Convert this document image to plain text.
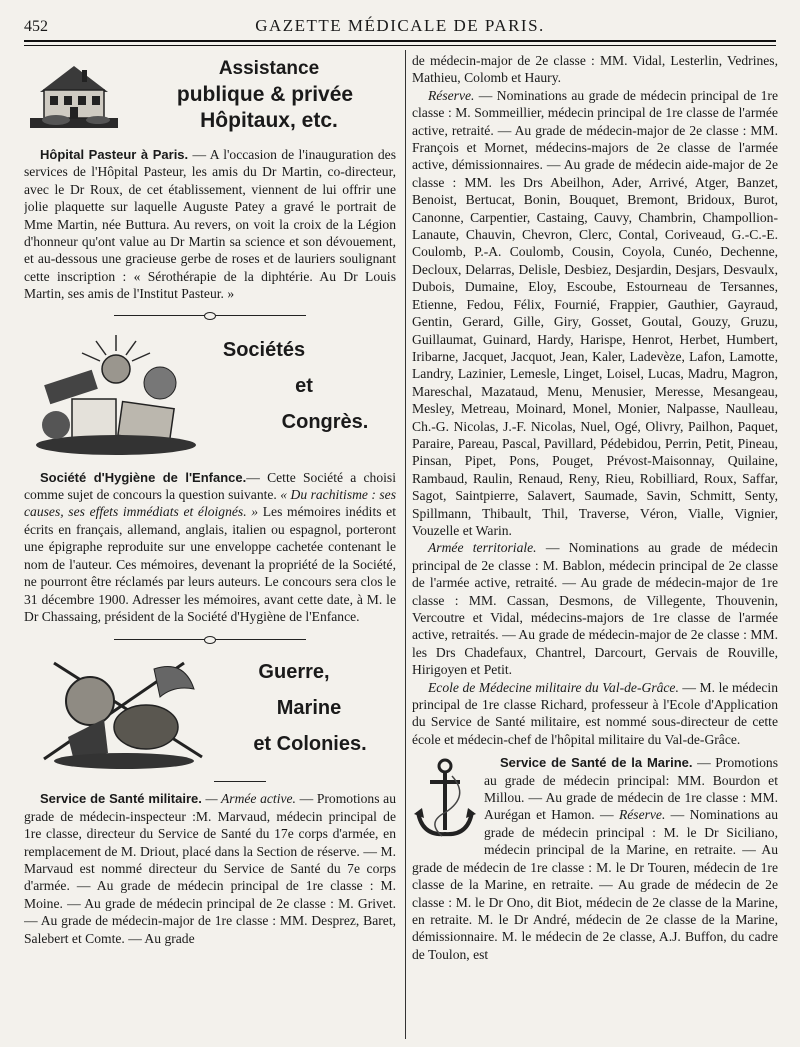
452	GAZETTE MÉDICALE DE PARIS.
Assistance
publique & privée
Hôpitaux, etc.

Hôpital Pasteur à Paris. — A l'occasion de l'inauguration des services de l'Hôpital Pasteur, les amis du Dr Martin, co-directeur, avec le Dr Roux, de cet établissement, viennent de lui offrir une jolie plaquette sur laquelle Auguste Patey a gravé le portrait de Mme Martin, née Buttura. Au revers, on voit la croix de la Légion d'honneur qu'ont value au Dr Martin sa science et son dévouement, et au-dessous une gracieuse gerbe de roses et de lauriers soulignant cette inscription : « Sérothérapie de la diphtérie. Au Dr Louis Martin, ses amis de l'Institut Pasteur. »

Sociétés
et
Congrès.

Société d'Hygiène de l'Enfance.— Cette Société a choisi comme sujet de concours la question suivante. « Du rachitisme : ses causes, ses effets immédiats et éloignés. » Les mémoires inédits et écrits en français, allemand, anglais, italien ou espagnol, porteront une épigraphe reproduite sur une enveloppe cachetée contenant le nom de l'auteur. Ces mémoires, devenant la propriété de la Société, ne pourront être réclamés par leurs auteurs. Le concours sera clos le 31 décembre 1900. Adresser les mémoires, avant cette date, à M. le Dr Chassaing, président de la Société d'Hygiène de l'Enfance.

Guerre,
Marine
et Colonies.

Service de Santé militaire. — Armée active. — Promotions au grade de médecin-inspecteur :M. Marvaud, médecin principal de 1re classe, directeur du Service de Santé du 17e corps d'armée, en remplacement de M. Driout, placé dans la Section de réserve. — M. Marvaud est nommé directeur du Service de Santé du 7e corps d'armée. — Au grade de médecin principal de 1re classe : M. Moine. — Au grade de médecin principal de 2e classe : M. Grivet. — Au grade de médecin-major de 1re classe : MM. Desprez, Baret, Salebert et Comte. — Au grade

de médecin-major de 2e classe : MM. Vidal, Lesterlin, Vedrines, Mathieu, Colomb et Haury.

Réserve. — Nominations au grade de médecin principal de 1re classe : M. Sommeillier, médecin principal de 1re classe de l'armée active, retraité. — Au grade de médecin-major de 2e classe : MM. François et Mornet, médecins-majors de 2e classe de l'armée active, démissionnaires. — Au grade de médecin aide-major de 2e classe : MM. les Drs Abeilhon, Ader, Arrivé, Atger, Banzet, Benoist, Bertucat, Bonin, Bouquet, Bremont, Bridoux, Burot, Canonne, Carpentier, Castaing, Cauvy, Chambrin, Champollion-Lanaute, Chauvin, Chevron, Clerc, Contal, Coriveaud, G.-C.-E. Coulomb, P.-A. Coulomb, Cousin, Coyola, Cunéo, Dechenne, Decloux, Delarras, Delisle, Desbiez, Desjardin, Desjars, Desvaulx, Dubois, Dumaine, Eloy, Escoube, Estourneau de Tersannes, Etienne, Fedou, Félix, Fournié, Frappier, Gauthier, Gayraud, Gentin, Gerard, Gille, Giry, Gosset, Goutal, Gouzy, Gruzu, Guillaumat, Guinard, Hardy, Harispe, Henrot, Herbet, Humbert, Iribarne, Jacquet, Jacquot, Jean, Kaler, Ladevèze, Lafon, Lamotte, Landry, Lazinier, Lemesle, Linget, Loisel, Lucas, Madru, Magron, Mareschal, Mazataud, Menu, Menusier, Meresse, Mesangeau, Mesley, Metreau, Moinard, Monel, Monier, Nalpasse, Naulleau, Ch.-G. Nicolas, J.-F. Nicolas, Nuel, Ogé, Olivry, Pailhon, Paquet, Paraire, Pareau, Pascal, Pavillard, Pédebidou, Perrin, Petit, Pineau, Pinsan, Pipet, Pons, Pouget, Prévost-Maisonnay, Quilaine, Rambaud, Raulin, Renaud, Reny, Rieu, Robilliard, Roux, Saffar, Sagot, Saintpierre, Salavert, Saumade, Savin, Schmitt, Senty, Spillmann, Thibault, Thil, Traverse, Véron, Vialle, Vignier, Vouzelle et Warin.

Armée territoriale. — Nominations au grade de médecin principal de 2e classe : M. Bablon, médecin principal de 2e classe de l'armée active, retraité. — Au grade de médecin-major de 1re classe : MM. Cassan, Desmons, de Villegente, Thouvenin, Vercoutre et Vidal, médecins-majors de 1re classe de l'armée active, retraités. — Au grade de médecin-major de 2e classe : MM. les Drs Chadefaux, Chantrel, Darcourt, Gervais de Rouville, Hirigoyen et Petit.

Ecole de Médecine militaire du Val-de-Grâce. — M. le médecin principal de 1re classe Richard, professeur à l'Ecole d'Application du Service de Santé militaire, est nommé sous-directeur de cette école et médecin-chef de l'hôpital militaire du Val-de-Grâce.

Service de Santé de la Marine. — Promotions au grade de médecin principal: MM. Bourdon et Millou. — Au grade de médecin de 1re classe : MM. Aurégan et Hamon. — Réserve. — Nominations au grade de médecin principal : M. le Dr Siciliano, médecin principal de la Marine, en retraite. — Au grade de médecin de 1re classe : M. le Dr Touren, médecin de 1re classe de la Marine, en retraite. — Au grade de médecin de 2e classe : M. le Dr Ono, dit Biot, médecin de 2e classe de la Marine, en retraite. M. le Dr André, médecin de 2e classe de la Marine, démissionnaire. M. le médecin de 2e classe, A.J. Buffon, du cadre de Toulon, est
